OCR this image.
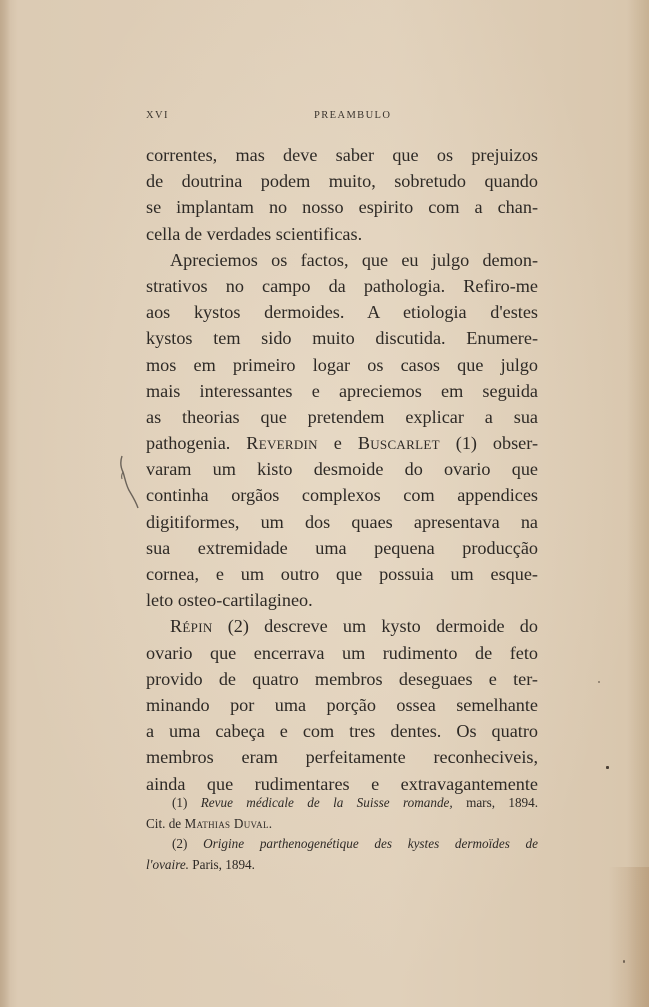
XVI	PREAMBULO
correntes, mas deve saber que os prejuizos
de doutrina podem muito, sobretudo quando
se implantam no nosso espirito com a chan-
cella de verdades scientificas.
Apreciemos os factos, que eu julgo demon-
strativos no campo da pathologia. Refiro-me
aos kystos dermoides. A etiologia d'estes
kystos tem sido muito discutida. Enumere-
mos em primeiro logar os casos que julgo
mais interessantes e apreciemos em seguida
as theorias que pretendem explicar a sua
pathogenia. Reverdin e Buscarlet (1) obser-
varam um kisto desmoide do ovario que
continha orgãos complexos com appendices
digitiformes, um dos quaes apresentava na
sua extremidade uma pequena producção
cornea, e um outro que possuia um esque-
leto osteo-cartilagineo.
Répin (2) descreve um kysto dermoide do
ovario que encerrava um rudimento de feto
provido de quatro membros deseguaes e ter-
minando por uma porção ossea semelhante
a uma cabeça e com tres dentes. Os quatro
membros eram perfeitamente reconheciveis,
ainda que rudimentares e extravagantemente
(1) Revue médicale de la Suisse romande, mars, 1894.
Cit. de Mathias Duval.
(2) Origine parthenogenétique des kystes dermoïdes de
l'ovaire. Paris, 1894.
